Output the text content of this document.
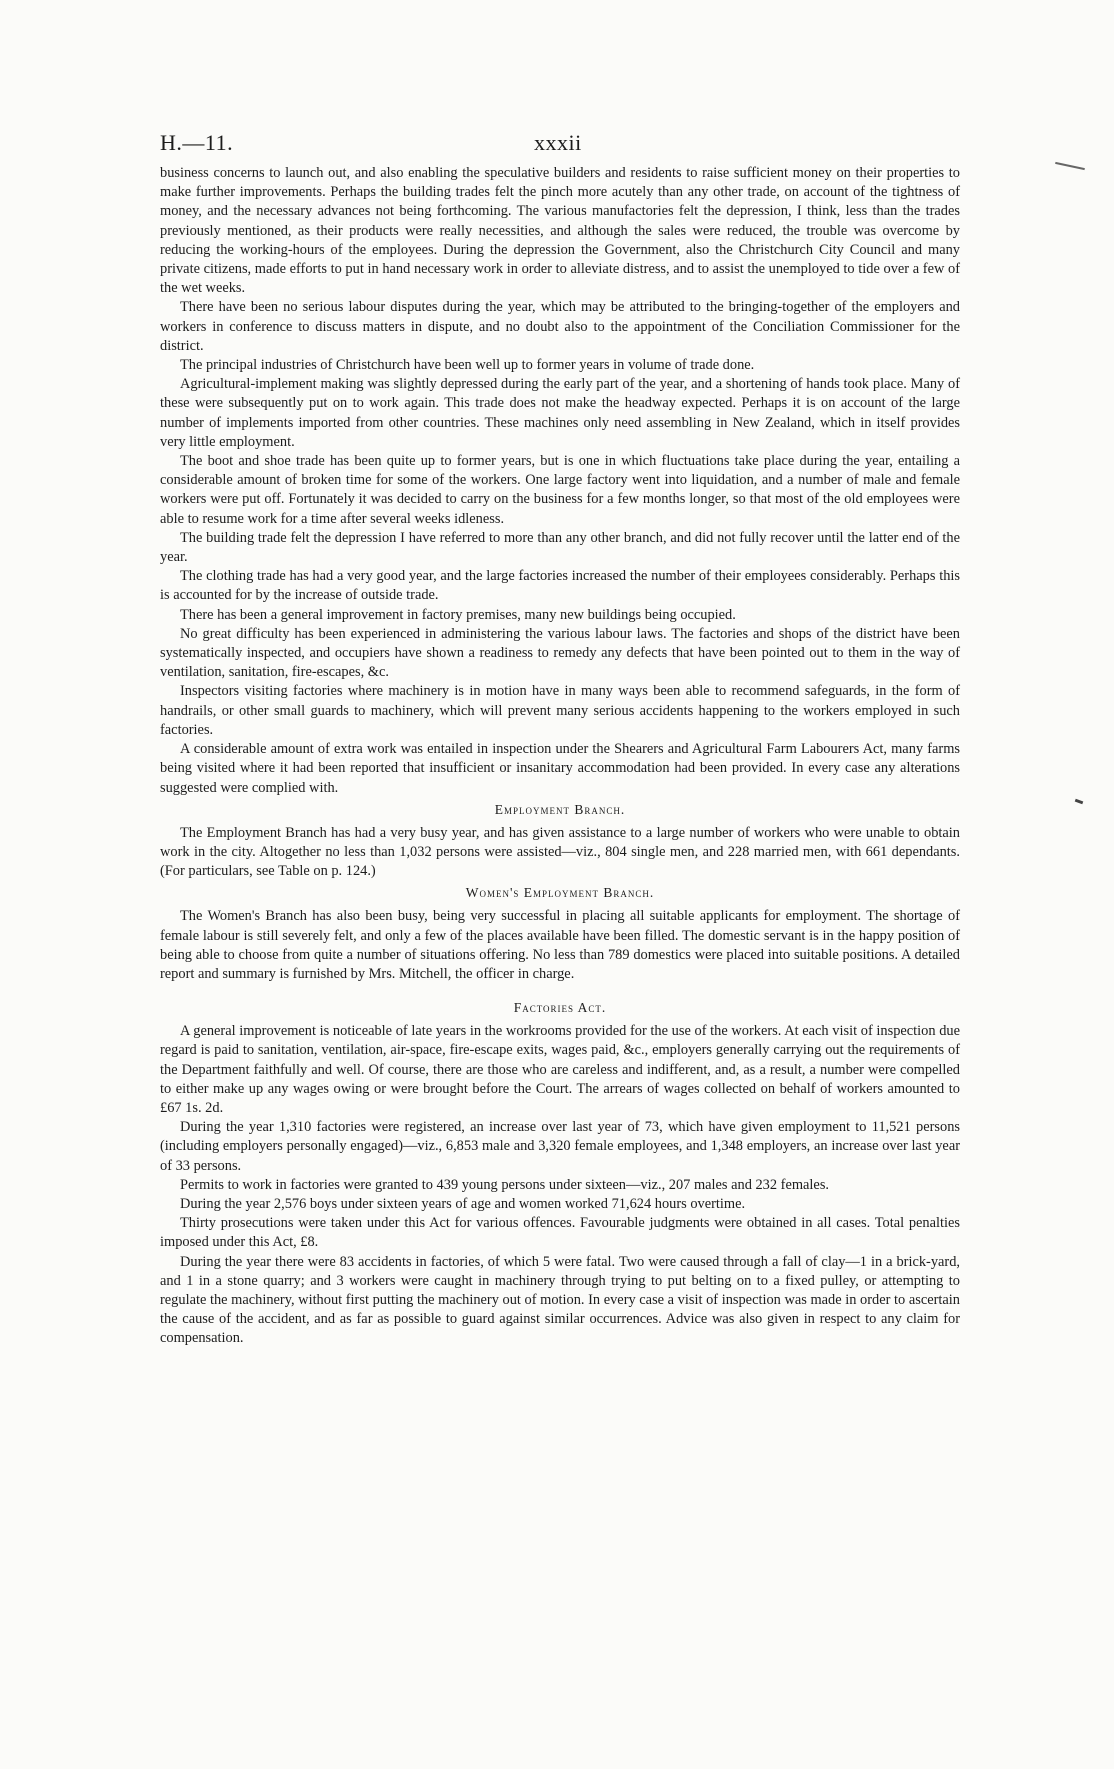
H.—11.	xxxii

business concerns to launch out, and also enabling the speculative builders and residents to raise sufficient money on their properties to make further improvements. Perhaps the building trades felt the pinch more acutely than any other trade, on account of the tightness of money, and the necessary advances not being forthcoming. The various manufactories felt the depression, I think, less than the trades previously mentioned, as their products were really necessities, and although the sales were reduced, the trouble was overcome by reducing the working-hours of the employees. During the depression the Government, also the Christchurch City Council and many private citizens, made efforts to put in hand necessary work in order to alleviate distress, and to assist the unemployed to tide over a few of the wet weeks.

There have been no serious labour disputes during the year, which may be attributed to the bringing-together of the employers and workers in conference to discuss matters in dispute, and no doubt also to the appointment of the Conciliation Commissioner for the district.

The principal industries of Christchurch have been well up to former years in volume of trade done.

Agricultural-implement making was slightly depressed during the early part of the year, and a shortening of hands took place. Many of these were subsequently put on to work again. This trade does not make the headway expected. Perhaps it is on account of the large number of implements imported from other countries. These machines only need assembling in New Zealand, which in itself provides very little employment.

The boot and shoe trade has been quite up to former years, but is one in which fluctuations take place during the year, entailing a considerable amount of broken time for some of the workers. One large factory went into liquidation, and a number of male and female workers were put off. Fortunately it was decided to carry on the business for a few months longer, so that most of the old employees were able to resume work for a time after several weeks idleness.

The building trade felt the depression I have referred to more than any other branch, and did not fully recover until the latter end of the year.

The clothing trade has had a very good year, and the large factories increased the number of their employees considerably. Perhaps this is accounted for by the increase of outside trade.

There has been a general improvement in factory premises, many new buildings being occupied.

No great difficulty has been experienced in administering the various labour laws. The factories and shops of the district have been systematically inspected, and occupiers have shown a readiness to remedy any defects that have been pointed out to them in the way of ventilation, sanitation, fire-escapes, &c.

Inspectors visiting factories where machinery is in motion have in many ways been able to recommend safeguards, in the form of handrails, or other small guards to machinery, which will prevent many serious accidents happening to the workers employed in such factories.

A considerable amount of extra work was entailed in inspection under the Shearers and Agricultural Farm Labourers Act, many farms being visited where it had been reported that insufficient or insanitary accommodation had been provided. In every case any alterations suggested were complied with.

Employment Branch.

The Employment Branch has had a very busy year, and has given assistance to a large number of workers who were unable to obtain work in the city. Altogether no less than 1,032 persons were assisted—viz., 804 single men, and 228 married men, with 661 dependants. (For particulars, see Table on p. 124.)

Women's Employment Branch.

The Women's Branch has also been busy, being very successful in placing all suitable applicants for employment. The shortage of female labour is still severely felt, and only a few of the places available have been filled. The domestic servant is in the happy position of being able to choose from quite a number of situations offering. No less than 789 domestics were placed into suitable positions. A detailed report and summary is furnished by Mrs. Mitchell, the officer in charge.

Factories Act.

A general improvement is noticeable of late years in the workrooms provided for the use of the workers. At each visit of inspection due regard is paid to sanitation, ventilation, air-space, fire-escape exits, wages paid, &c., employers generally carrying out the requirements of the Department faithfully and well. Of course, there are those who are careless and indifferent, and, as a result, a number were compelled to either make up any wages owing or were brought before the Court. The arrears of wages collected on behalf of workers amounted to £67 1s. 2d.

During the year 1,310 factories were registered, an increase over last year of 73, which have given employment to 11,521 persons (including employers personally engaged)—viz., 6,853 male and 3,320 female employees, and 1,348 employers, an increase over last year of 33 persons.

Permits to work in factories were granted to 439 young persons under sixteen—viz., 207 males and 232 females.

During the year 2,576 boys under sixteen years of age and women worked 71,624 hours overtime.

Thirty prosecutions were taken under this Act for various offences. Favourable judgments were obtained in all cases. Total penalties imposed under this Act, £8.

During the year there were 83 accidents in factories, of which 5 were fatal. Two were caused through a fall of clay—1 in a brick-yard, and 1 in a stone quarry; and 3 workers were caught in machinery through trying to put belting on to a fixed pulley, or attempting to regulate the machinery, without first putting the machinery out of motion. In every case a visit of inspection was made in order to ascertain the cause of the accident, and as far as possible to guard against similar occurrences. Advice was also given in respect to any claim for compensation.
